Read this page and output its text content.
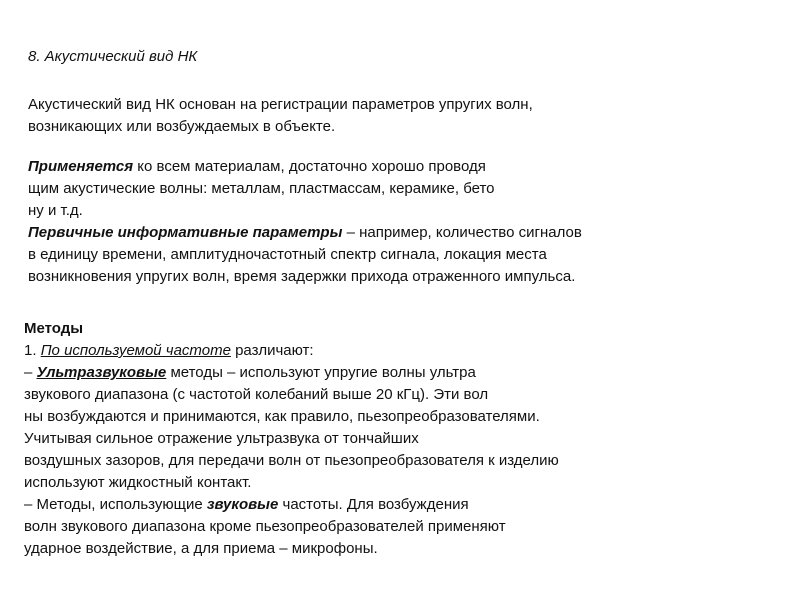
8. Акустический вид НК
Акустический вид НК основан на регистрации параметров упругих волн,
возникающих или возбуждаемых в объекте.
Применяется ко всем материалам, достаточно хорошо проводя
щим акустические волны: металлам, пластмассам, керамике, бето
ну и т.д.
Первичные информативные параметры – например, количество сигналов
в единицу времени, амплитудночастотный спектр сигнала, локация места
возникновения упругих волн, время задержки прихода отраженного импульса.
Методы
1. По используемой частоте различают:
– Ультразвуковые методы – используют упругие волны ультра
звукового диапазона (с частотой колебаний выше 20 кГц). Эти вол
ны возбуждаются и принимаются, как правило, пьезопреобразователями.
Учитывая сильное отражение ультразвука от тончайших
воздушных зазоров, для передачи волн от пьезопреобразователя к изделию
используют жидкостный контакт.
– Методы, использующие звуковые частоты. Для возбуждения
волн звукового диапазона кроме пьезопреобразователей применяют
ударное воздействие, а для приема – микрофоны.
